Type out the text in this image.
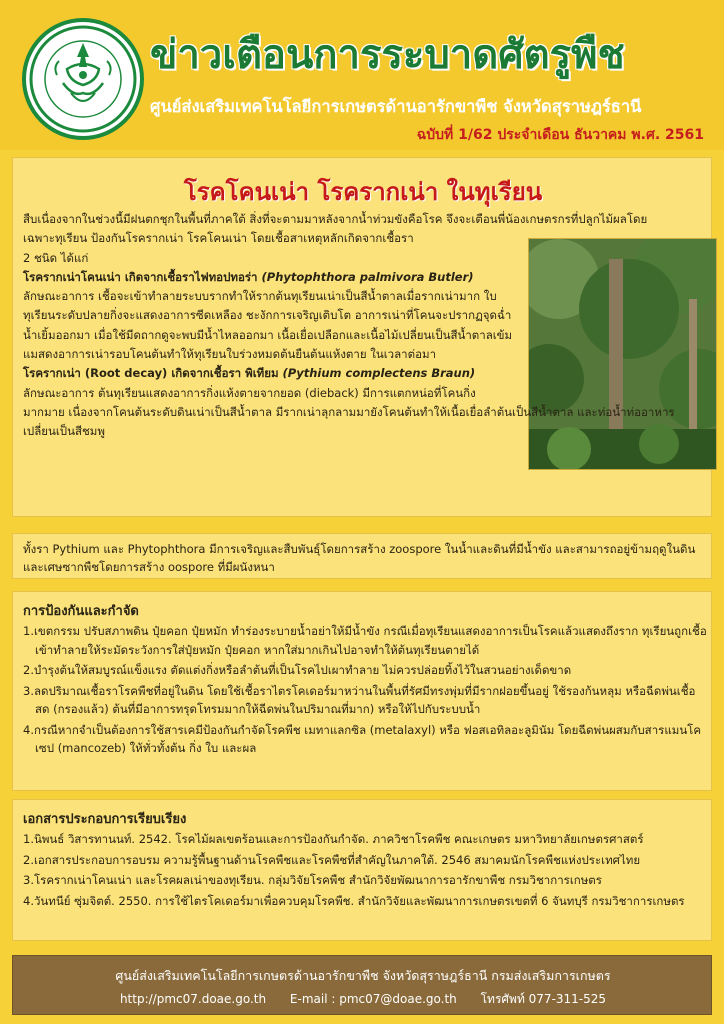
ข่าวเตือนการระบาดศัตรูพืช
ศูนย์ส่งเสริมเทคโนโลยีการเกษตรด้านอารักขาพืช จังหวัดสุราษฎร์ธานี
ฉบับที่ 1/62 ประจำเดือน ธันวาคม พ.ศ. 2561
โรคโคนเน่า โรครากเน่า ในทุเรียน

สืบเนื่องจากในช่วงนี้มีฝนตกชุกในพื้นที่ภาคใต้ สิ่งที่จะตามมาหลังจากน้ำท่วมขังคือโรค จึงจะเตือนพี่น้องเกษตรกรที่ปลูกไม้ผลโดย

เฉพาะทุเรียน ป้องกันโรครากเน่า โรคโคนเน่า โดยเชื้อสาเหตุหลักเกิดจากเชื้อรา

2 ชนิด ได้แก่

โรครากเน่าโคนเน่า เกิดจากเชื้อราไฟทอปทอร่า (Phytophthora palmivora Butler)

ลักษณะอาการ เชื้อจะเข้าทำลายระบบรากทำให้รากต้นทุเรียนเน่าเป็นสีน้ำตาลเมื่อรากเน่ามาก ใบทุเรียนระดับปลายกิ่งจะแสดงอาการซีดเหลือง ชะงักการเจริญเติบโต อาการเน่าที่โคนจะปรากฏจุดฉ่ำน้ำเยิ้มออกมา เมื่อใช้มีดถากดูจะพบมีน้ำไหลออกมา เนื้อเยื่อเปลือกและเนื้อไม้เปลี่ยนเป็นสีน้ำตาลเข้มแมสดงอาการเน่ารอบโคนต้นทำให้ทุเรียนใบร่วงหมดต้นยืนต้นแห้งตาย ในเวลาต่อมา

โรครากเน่า (Root decay) เกิดจากเชื้อรา พิเทียม (Pythium complectens Braun)

ลักษณะอาการ ต้นทุเรียนแสดงอาการกิ่งแห้งตายจากยอด (dieback) มีการแตกหน่อที่โคนกิ่ง

มากมาย เนื่องจากโคนต้นระดับดินเน่าเป็นสีน้ำตาล มีรากเน่าลุกลามมายังโคนต้นทำให้เนื้อเยื่อลำต้นเป็นสีน้ำตาล และท่อน้ำท่ออาหารเปลี่ยนเป็นสีชมพู

ทั้งรา Pythium และ Phytophthora มีการเจริญและสืบพันธุ์โดยการสร้าง zoospore ในน้ำและดินที่มีน้ำขัง และสามารถอยู่ข้ามฤดูในดินและเศษซากพืชโดยการสร้าง oospore ที่มีผนังหนา
การป้องกันและกำจัด
1.เขตกรรม ปรับสภาพดิน ปุ๋ยคอก ปุ๋ยหมัก ทำร่องระบายน้ำอย่าให้มีน้ำขัง กรณีเมื่อทุเรียนแสดงอาการเป็นโรคแล้วแสดงถึงราก ทุเรียนถูกเชื้อเข้าทำลายให้ระมัดระวังการใส่ปุ๋ยหมัก ปุ๋ยคอก หากใส่มากเกินไปอาจทำให้ต้นทุเรียนตายได้
2.บำรุงต้นให้สมบูรณ์แข็งแรง ตัดแต่งกิ่งหรือลำต้นที่เป็นโรคไปเผาทำลาย ไม่ควรปล่อยทิ้งไว้ในสวนอย่างเด็ดขาด
3.ลดปริมาณเชื้อราโรคพืชที่อยู่ในดิน โดยใช้เชื้อราไตรโคเดอร์มาหว่านในพื้นที่รัศมีทรงพุ่มที่มีรากฝอยขึ้นอยู่ ใช้รองก้นหลุม หรือฉีดพ่นเชื้อสด (กรองแล้ว) ต้นที่มีอาการทรุดโทรมมากให้ฉีดพ่นในปริมาณที่มาก) หรือให้ไปกับระบบน้ำ
4.กรณีหากจำเป็นต้องการใช้สารเคมีป้องกันกำจัดโรคพืช เมทาแลกซิล (metalaxyl) หรือ ฟอสเอทิลอะลูมินัม โดยฉีดพ่นผสมกับสารแมนโคเซป (mancozeb) ให้ทั่วทั้งต้น กิ่ง ใบ และผล
เอกสารประกอบการเรียบเรียง
1.นิพนธ์ วิสารทานนท์. 2542. โรคไม้ผลเขตร้อนและการป้องกันกำจัด. ภาควิชาโรคพืช คณะเกษตร มหาวิทยาลัยเกษตรศาสตร์
2.เอกสารประกอบการอบรม ความรู้พื้นฐานด้านโรคพืชและโรคพืชที่สำคัญในภาคใต้. 2546 สมาคมนักโรคพืชแห่งประเทศไทย
3.โรครากเน่าโคนเน่า และโรคผลเน่าของทุเรียน. กลุ่มวิจัยโรคพืช สำนักวิจัยพัฒนาการอารักขาพืช กรมวิชาการเกษตร
4.วันทนีย์ ซุ่มจิตต์. 2550. การใช้ไตรโคเดอร์มาเพื่อควบคุมโรคพืช. สำนักวิจัยและพัฒนาการเกษตรเขตที่ 6 จันทบุรี กรมวิชาการเกษตร
ศูนย์ส่งเสริมเทคโนโลยีการเกษตรด้านอารักขาพืช จังหวัดสุราษฎร์ธานี กรมส่งเสริมการเกษตร
http://pmc07.doae.go.th E-mail : pmc07@doae.go.th โทรศัพท์ 077-311-525
